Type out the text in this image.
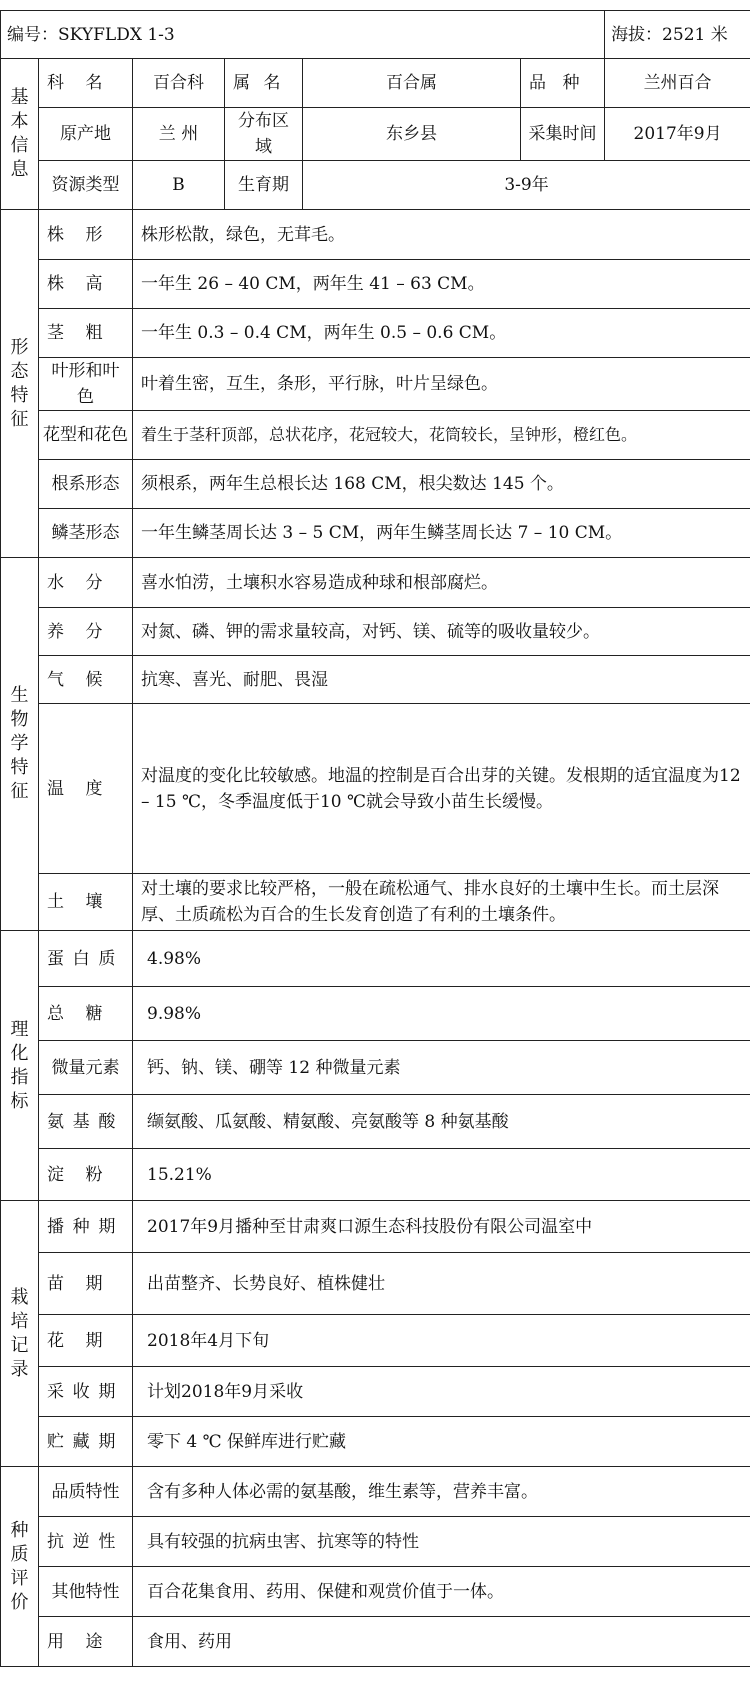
编号：SKYFLDX 1-3						海拔：2521 米
基本信息	科 名	百合科	属 名	百合属	品 种	兰州百合
	原产地	兰 州	分布区域	东乡县	采集时间	2017年9月
	资源类型	B	生育期	3-9年		
形态特征	株 形	株形松散，绿色，无茸毛。				

株 高	一年生 26 – 40 CM，两年生 41 – 63 CM。				

茎 粗	一年生 0.3 – 0.4 CM，两年生 0.5 – 0.6 CM。				
	叶形和叶色	叶着生密，互生，条形，平行脉，叶片呈绿色。				
	花型和花色	着生于茎秆顶部，总状花序，花冠较大，花筒较长，呈钟形，橙红色。				
	根系形态	须根系，两年生总根长达 168 CM，根尖数达 145 个。				
	鳞茎形态	一年生鳞茎周长达 3 – 5 CM，两年生鳞茎周长达 7 – 10 CM。				
生物学特征	水 分	喜水怕涝，土壤积水容易造成种球和根部腐烂。				

养 分	对氮、磷、钾的需求量较高，对钙、镁、硫等的吸收量较少。				

气 候	抗寒、喜光、耐肥、畏湿				

温 度	对温度的变化比较敏感。地温的控制是百合出芽的关键。发根期的适宜温度为12 – 15 ℃，冬季温度低于10 ℃就会导致小苗生长缓慢。				

土 壤	对土壤的要求比较严格，一般在疏松通气、排水良好的土壤中生长。而土层深厚、土质疏松为百合的生长发育创造了有利的土壤条件。				
理化指标	蛋 白 质	4.98%				

总 糖	9.98%				
	微量元素	钙、钠、镁、硼等 12 种微量元素				

氨 基 酸	缬氨酸、瓜氨酸、精氨酸、亮氨酸等 8 种氨基酸				

淀 粉	15.21%				
栽培记录	播 种 期	2017年9月播种至甘肃爽口源生态科技股份有限公司温室中				

苗 期	出苗整齐、长势良好、植株健壮				

花 期	2018年4月下旬				

采 收 期	计划2018年9月采收				

贮 藏 期	零下 4 ℃ 保鲜库进行贮藏				
种质评价	品质特性	含有多种人体必需的氨基酸，维生素等，营养丰富。				

抗 逆 性	具有较强的抗病虫害、抗寒等的特性				
	其他特性	百合花集食用、药用、保健和观赏价值于一体。				

用 途	食用、药用				
